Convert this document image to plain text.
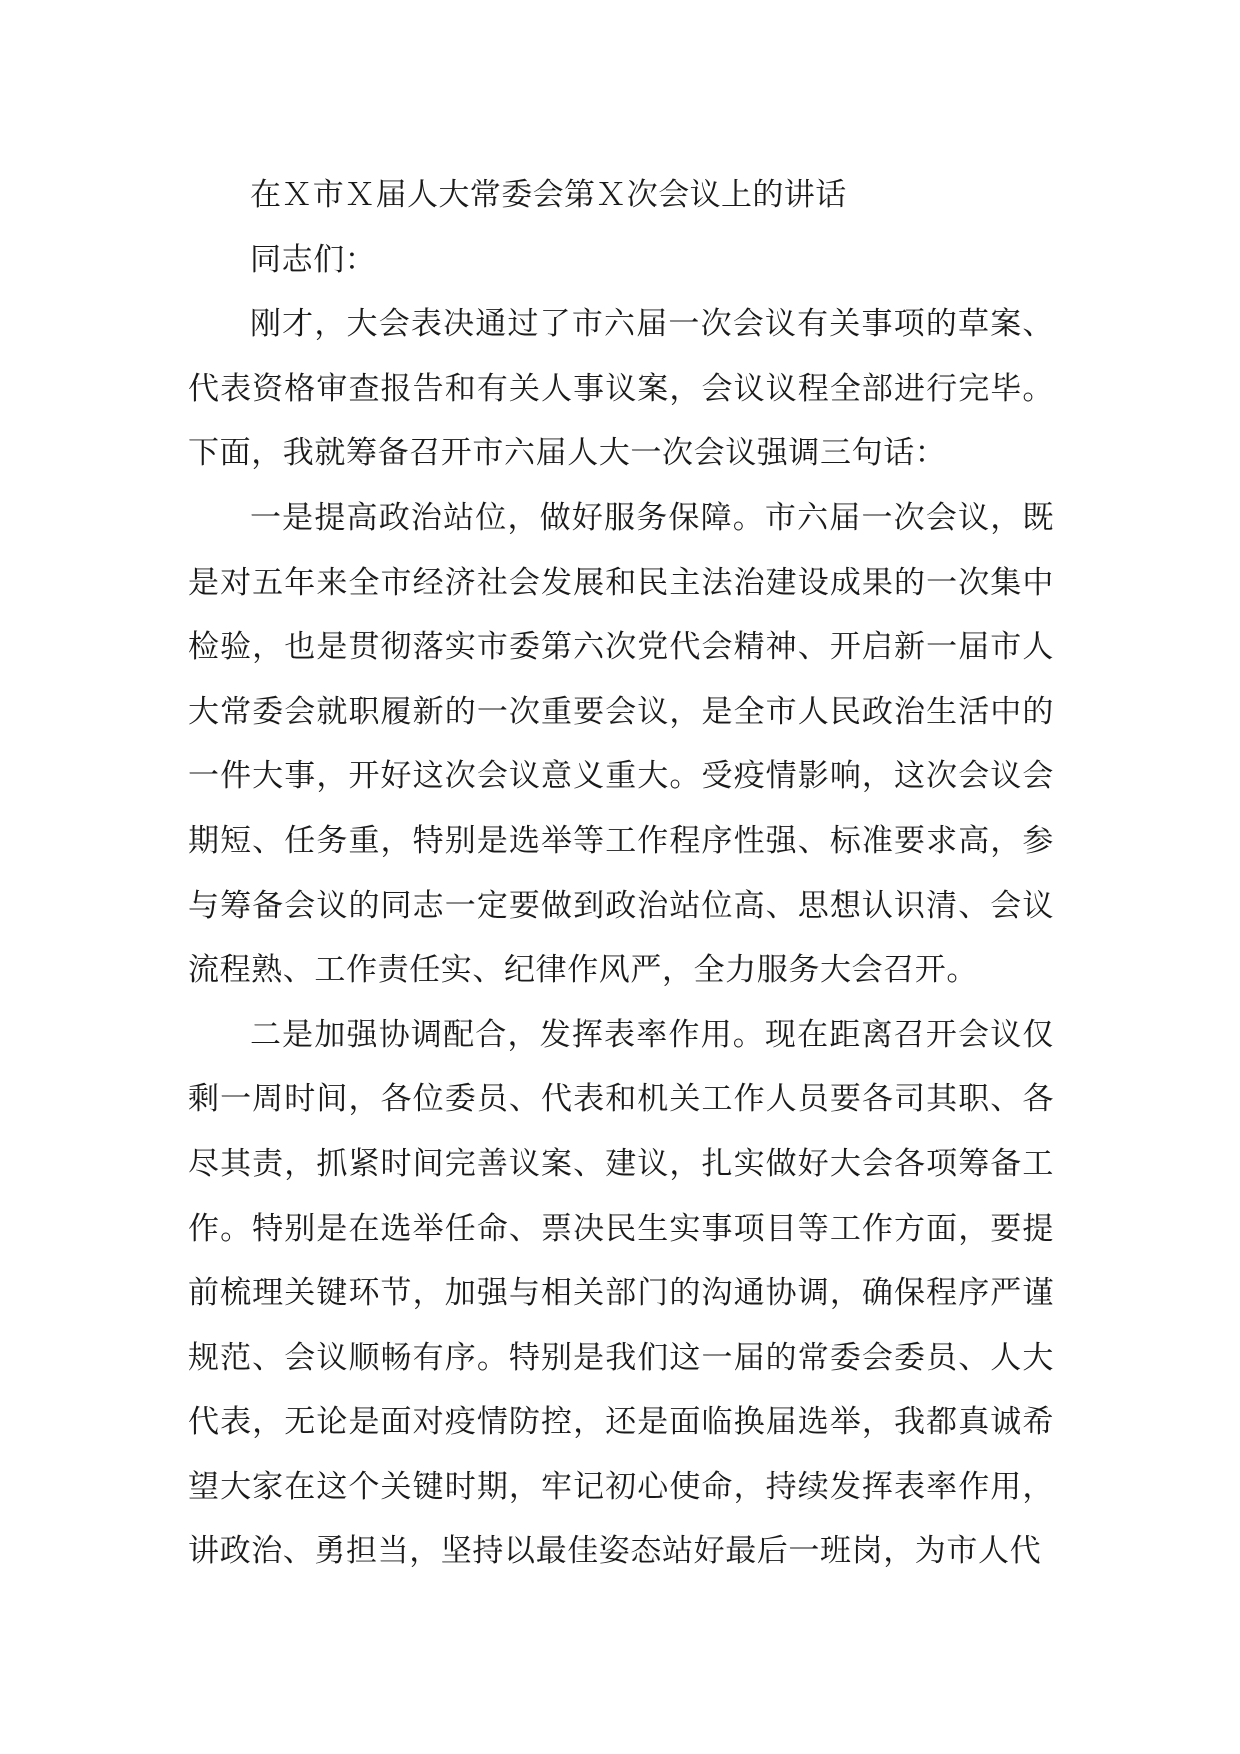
在Ｘ市Ｘ届人大常委会第Ｘ次会议上的讲话

同志们：

刚才，大会表决通过了市六届一次会议有关事项的草案、代表资格审查报告和有关人事议案，会议议程全部进行完毕。下面，我就筹备召开市六届人大一次会议强调三句话：

一是提高政治站位，做好服务保障。市六届一次会议，既是对五年来全市经济社会发展和民主法治建设成果的一次集中检验，也是贯彻落实市委第六次党代会精神、开启新一届市人大常委会就职履新的一次重要会议，是全市人民政治生活中的一件大事，开好这次会议意义重大。受疫情影响，这次会议会期短、任务重，特别是选举等工作程序性强、标准要求高，参与筹备会议的同志一定要做到政治站位高、思想认识清、会议流程熟、工作责任实、纪律作风严，全力服务大会召开。

二是加强协调配合，发挥表率作用。现在距离召开会议仅剩一周时间，各位委员、代表和机关工作人员要各司其职、各尽其责，抓紧时间完善议案、建议，扎实做好大会各项筹备工作。特别是在选举任命、票决民生实事项目等工作方面，要提前梳理关键环节，加强与相关部门的沟通协调，确保程序严谨规范、会议顺畅有序。特别是我们这一届的常委会委员、人大代表，无论是面对疫情防控，还是面临换届选举，我都真诚希望大家在这个关键时期，牢记初心使命，持续发挥表率作用，讲政治、勇担当，坚持以最佳姿态站好最后一班岗，为市人代
